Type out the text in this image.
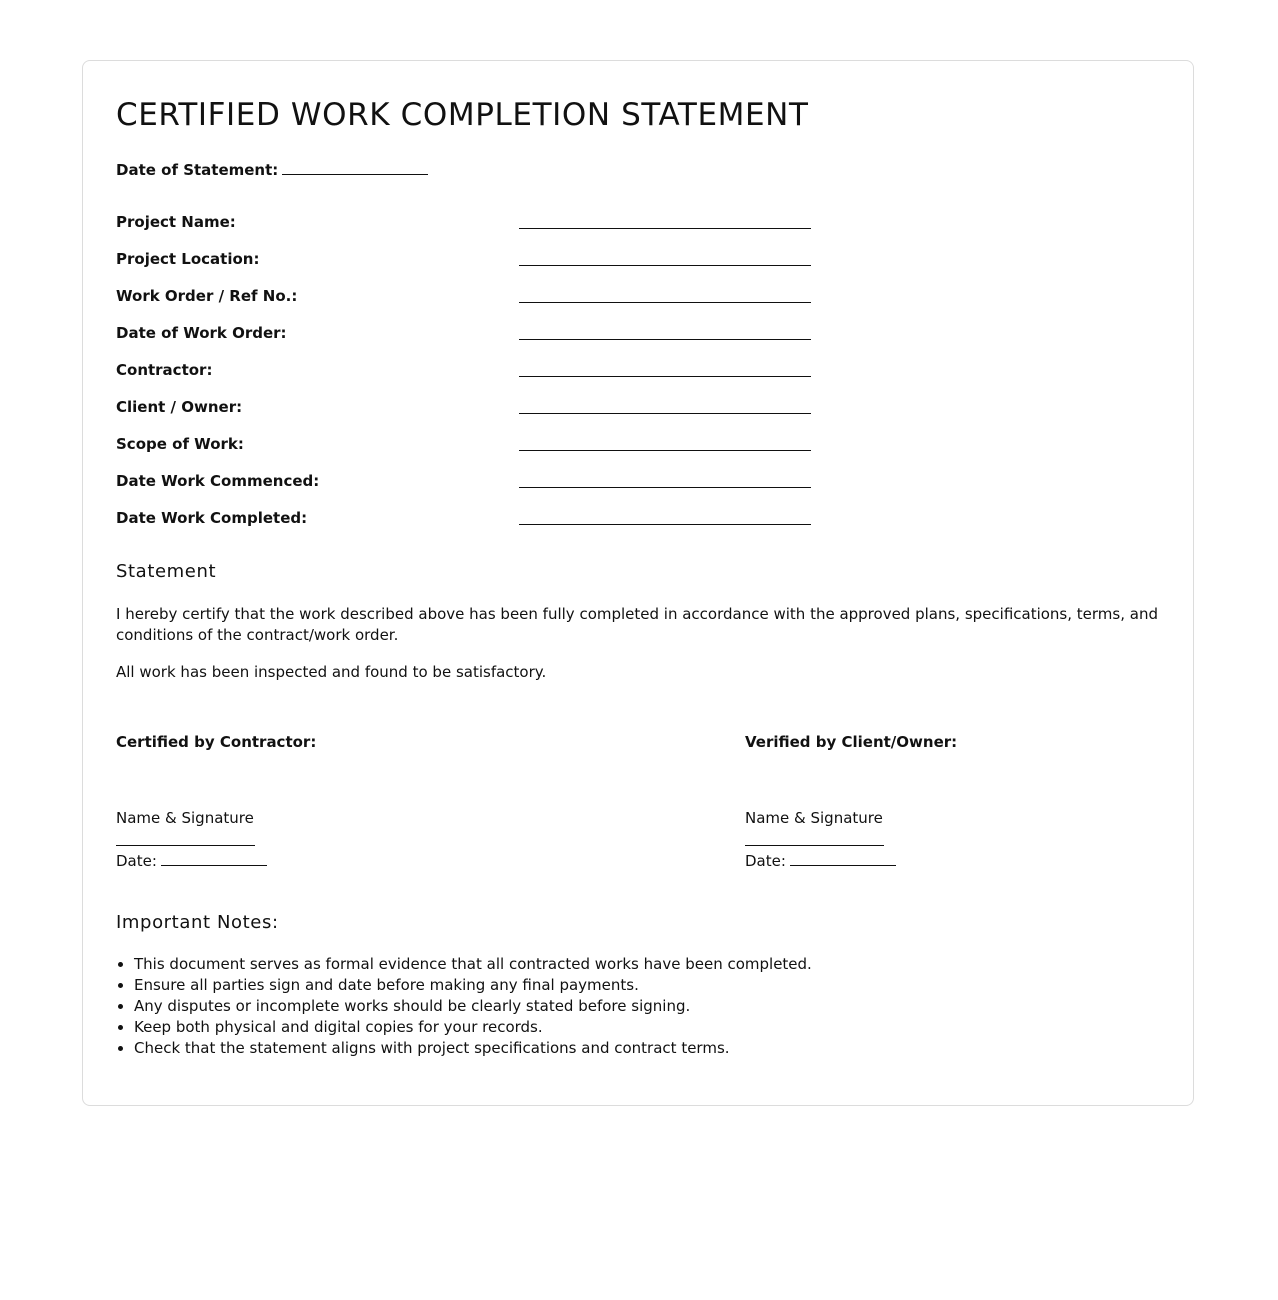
CERTIFIED WORK COMPLETION STATEMENT
Date of Statement:
Project Name:
Project Location:
Work Order / Ref No.:
Date of Work Order:
Contractor:
Client / Owner:
Scope of Work:
Date Work Commenced:
Date Work Completed:
Statement
I hereby certify that the work described above has been fully completed in accordance with the approved plans, specifications, terms, and conditions of the contract/work order.
All work has been inspected and found to be satisfactory.
Certified by Contractor:
Name & Signature
Date:
Verified by Client/Owner:
Name & Signature
Date:
Important Notes:
• This document serves as formal evidence that all contracted works have been completed.
• Ensure all parties sign and date before making any final payments.
• Any disputes or incomplete works should be clearly stated before signing.
• Keep both physical and digital copies for your records.
• Check that the statement aligns with project specifications and contract terms.
